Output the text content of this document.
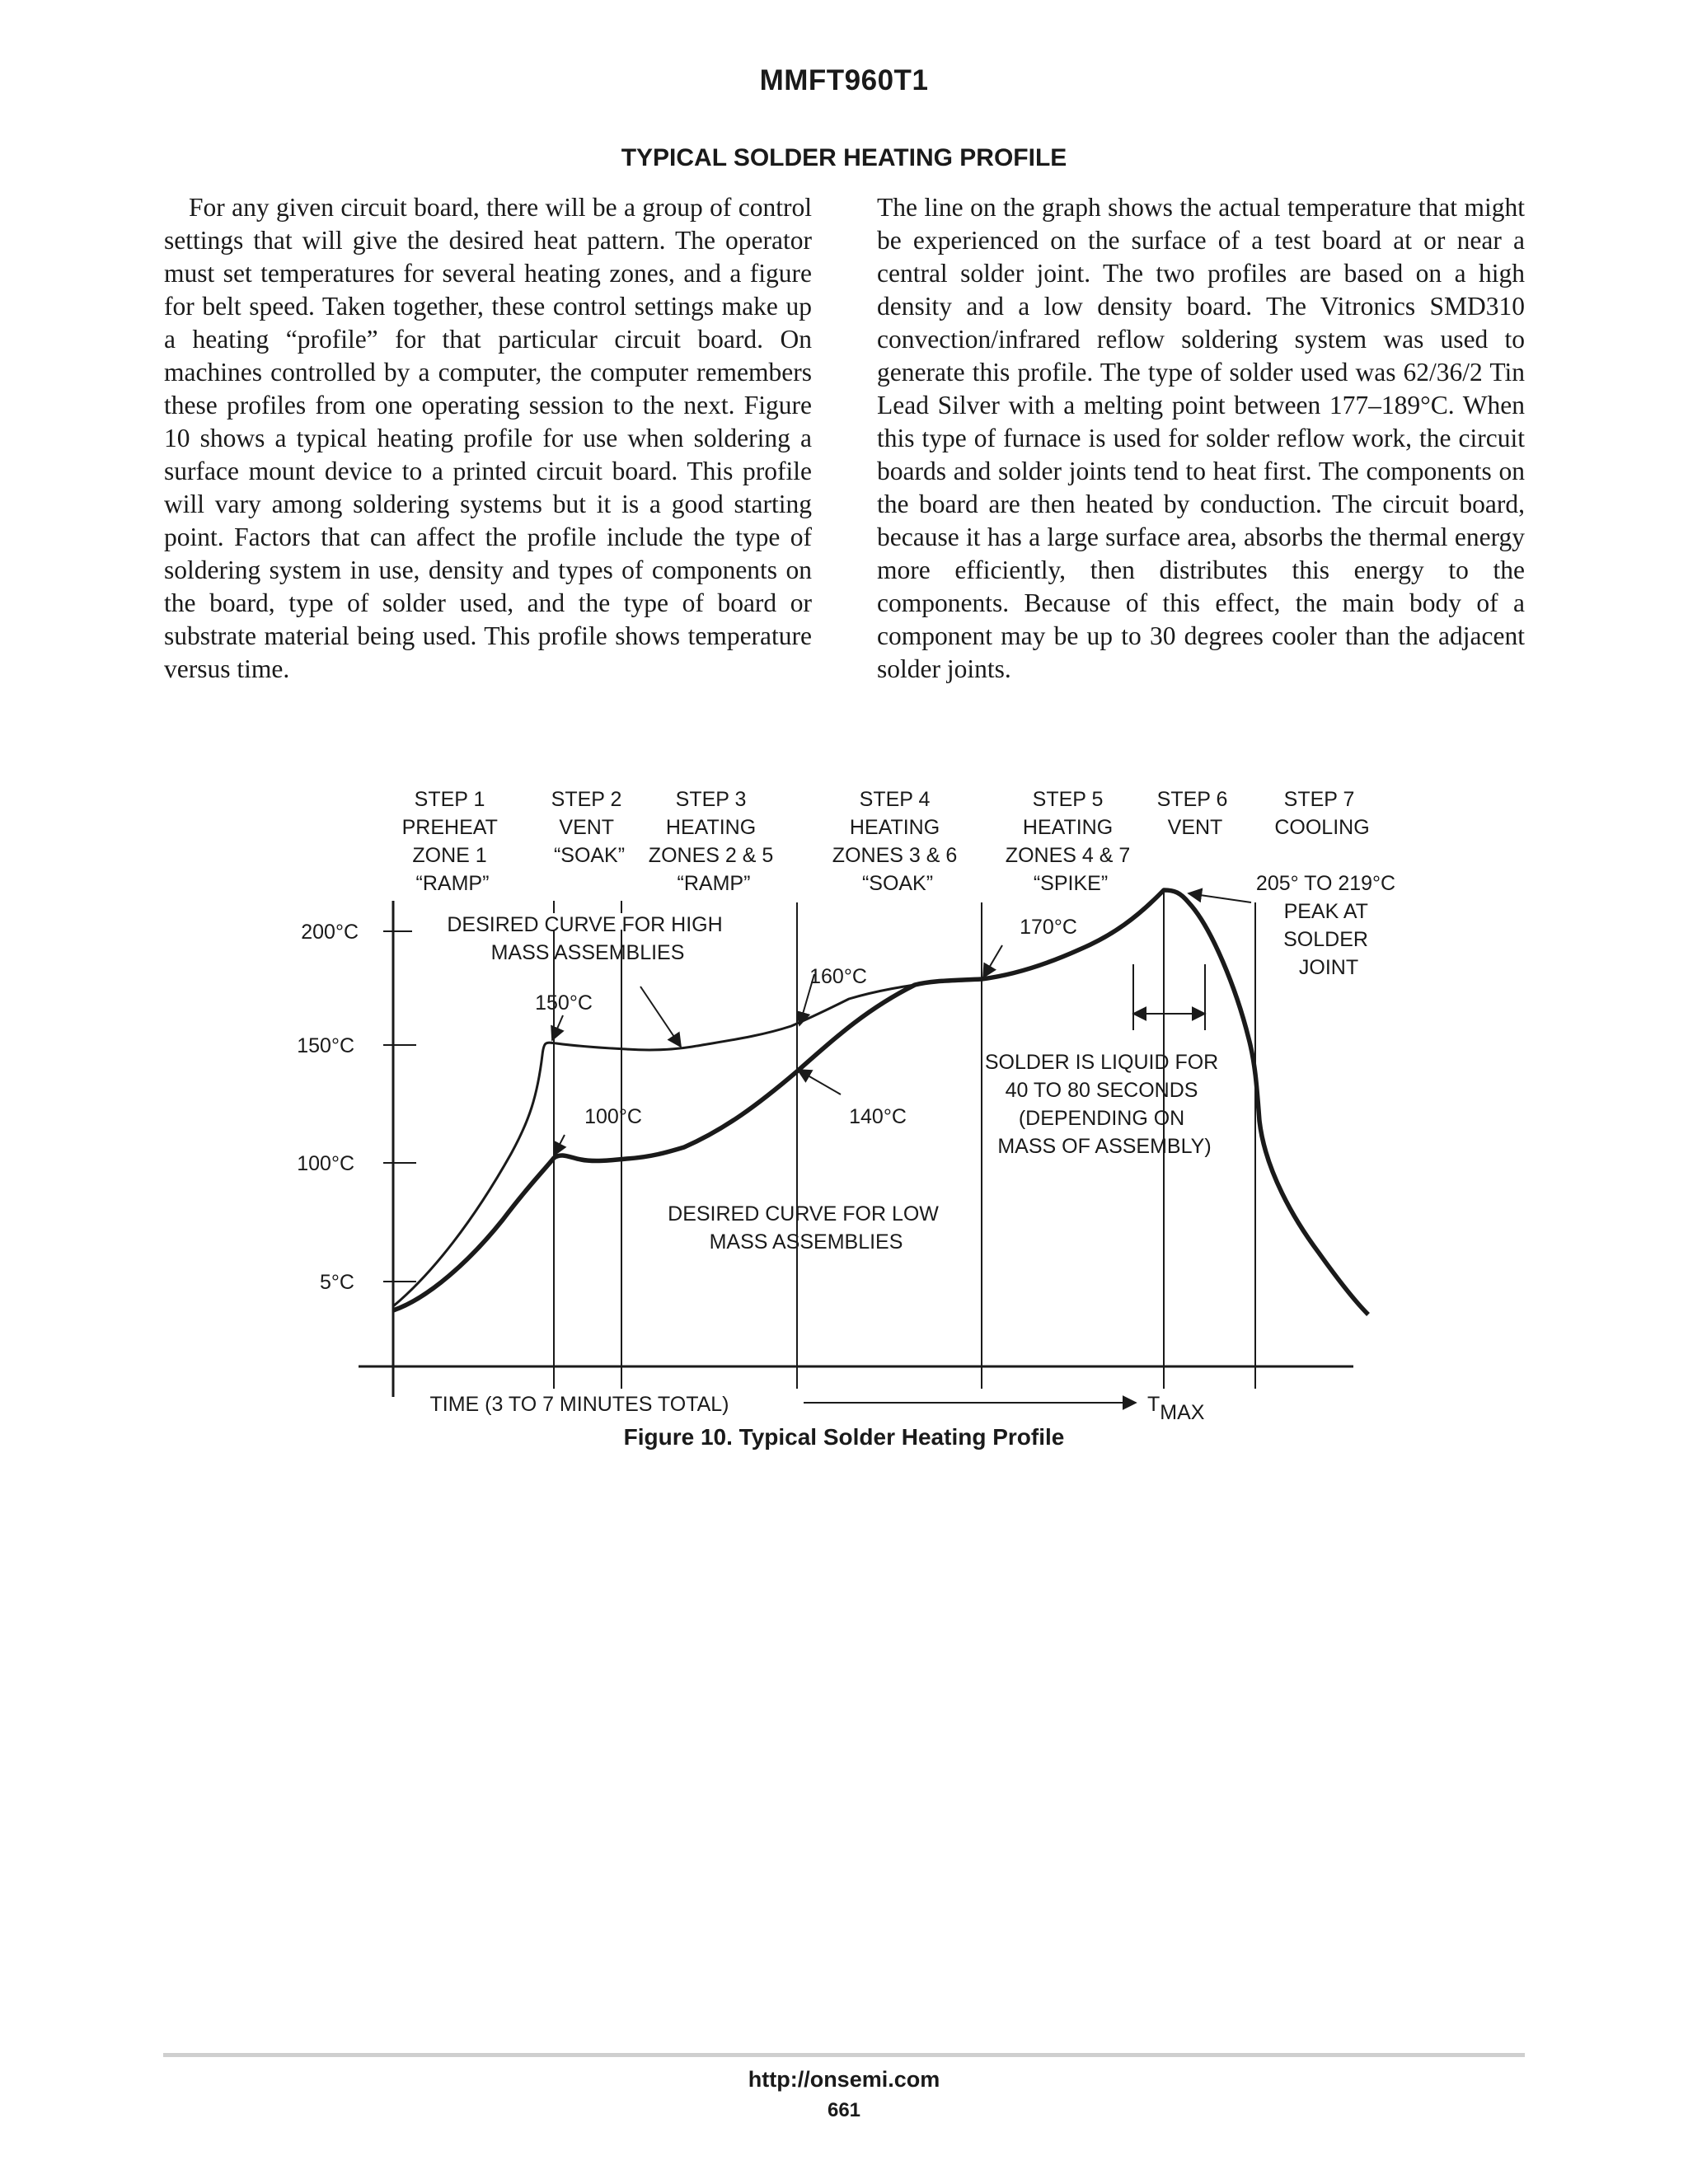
MMFT960T1
TYPICAL SOLDER HEATING PROFILE

For any given circuit board, there will be a group of control settings that will give the desired heat pattern. The operator must set temperatures for several heating zones, and a figure for belt speed. Taken together, these control settings make up a heating “profile” for that particular circuit board. On machines controlled by a computer, the computer remembers these profiles from one operating session to the next. Figure 10 shows a typical heating profile for use when soldering a surface mount device to a printed circuit board. This profile will vary among soldering systems but it is a good starting point. Factors that can affect the profile include the type of soldering system in use, density and types of components on the board, type of solder used, and the type of board or substrate material being used. This profile shows temperature versus time.

The line on the graph shows the actual temperature that might be experienced on the surface of a test board at or near a central solder joint. The two profiles are based on a high density and a low density board. The Vitronics SMD310 convection/infrared reflow soldering system was used to generate this profile. The type of solder used was 62/36/2 Tin Lead Silver with a melting point between 177–189°C. When this type of furnace is used for solder reflow work, the circuit boards and solder joints tend to heat first. The components on the board are then heated by conduction. The circuit board, because it has a large surface area, absorbs the thermal energy more efficiently, then distributes this energy to the components. Because of this effect, the main body of a component may be up to 30 degrees cooler than the adjacent solder joints.

STEP 1 PREHEAT ZONE 1 “RAMP”
STEP 2 VENT “SOAK”
STEP 3 HEATING ZONES 2 & 5 “RAMP”
STEP 4 HEATING ZONES 3 & 6 “SOAK”
STEP 5 HEATING ZONES 4 & 7 “SPIKE”
STEP 6 VENT
STEP 7 COOLING
200°C
150°C
100°C
5°C
DESIRED CURVE FOR HIGH MASS ASSEMBLIES
150°C
100°C
160°C
140°C
170°C
205° TO 219°C PEAK AT SOLDER JOINT
SOLDER IS LIQUID FOR 40 TO 80 SECONDS (DEPENDING ON MASS OF ASSEMBLY)
DESIRED CURVE FOR LOW MASS ASSEMBLIES
TIME (3 TO 7 MINUTES TOTAL)	TMAX
Figure 10. Typical Solder Heating Profile
http://onsemi.com
661
